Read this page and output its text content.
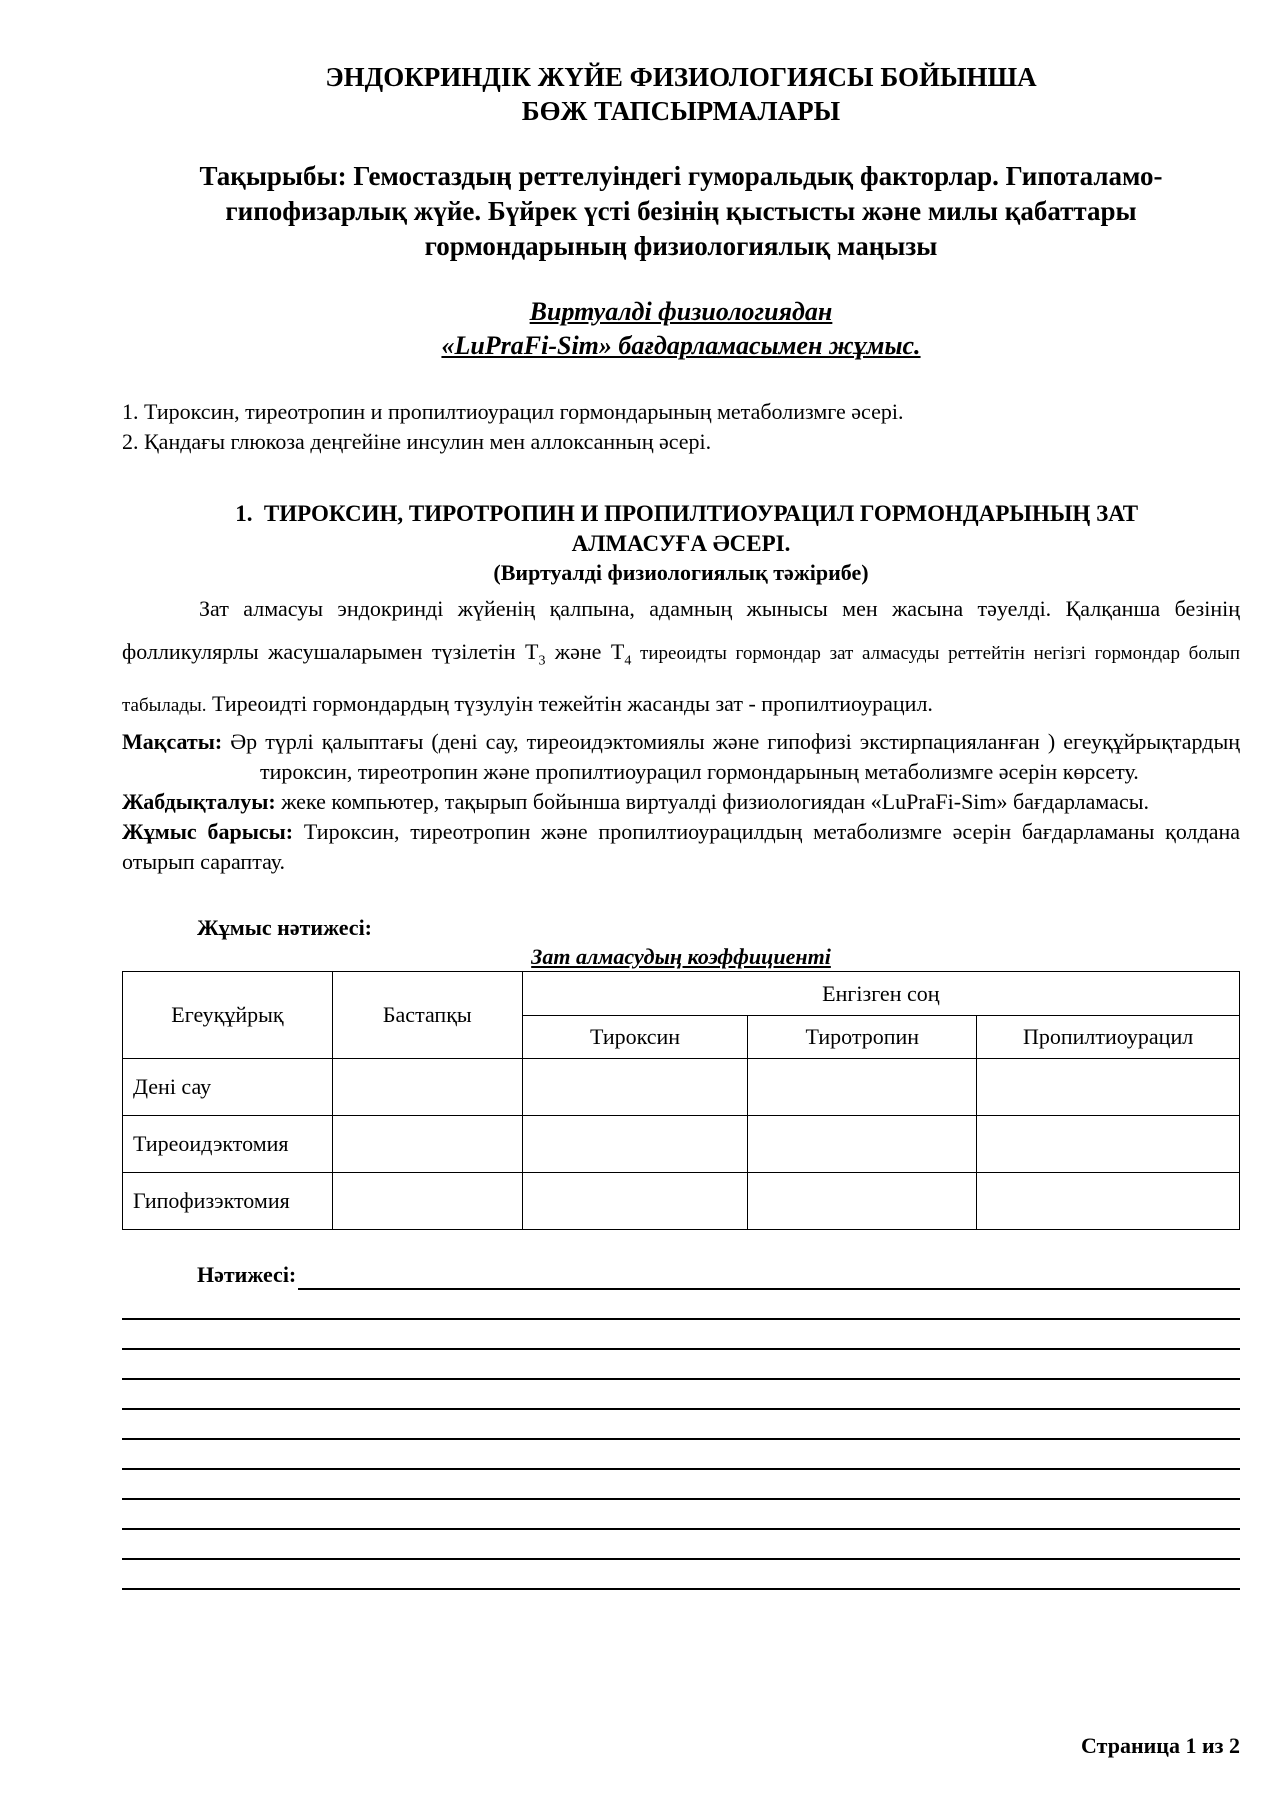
ЭНДОКРИНДІК ЖҮЙЕ ФИЗИОЛОГИЯСЫ БОЙЫНША
БӨЖ ТАПСЫРМАЛАРЫ
Тақырыбы: Гемостаздың реттелуіндегі гуморальдық факторлар. Гипоталамо-
гипофизарлық жүйе. Бүйрек үсті безінің қыстысты және милы қабаттары
гормондарының физиологиялық маңызы
Виртуалді физиологиядан
«LuPraFi-Sim» бағдарламасымен жұмыс.
1. Тироксин, тиреотропин и пропилтиоурацил гормондарының метаболизмге әсері.
2. Қандағы глюкоза деңгейіне инсулин мен аллоксанның әсері.
1. ТИРОКСИН, ТИРОТРОПИН И ПРОПИЛТИОУРАЦИЛ ГОРМОНДАРЫНЫҢ ЗАТ
АЛМАСУҒА ӘСЕРІ.
(Виртуалді физиологиялық тәжірибе)
Зат алмасуы эндокринді жүйенің қалпына, адамның жынысы мен жасына тәуелді. Қалқанша безінің фолликулярлы жасушаларымен түзілетін $Т_3$ және $Т_4$ тиреоидты гормондар зат алмасуды реттейтін негізгі гормондар болып табылады. Тиреоидті гормондардың түзулуін тежейтін жасанды зат - пропилтиоурацил.
Мақсаты: Әр түрлі қалыптағы (дені сау, тиреоидэктомиялы және гипофизі экстирпацияланған ) егеуқұйрықтардың тироксин, тиреотропин және пропилтиоурацил гормондарының метаболизмге әсерін көрсету.
Жабдықталуы: жеке компьютер, тақырып бойынша виртуалді физиологиядан «LuPraFi-Sim» бағдарламасы.
Жұмыс барысы: Тироксин, тиреотропин және пропилтиоурацилдың метаболизмге әсерін бағдарламаны қолдана отырып сараптау.
Жұмыс нәтижесі:
Зат алмасудың коэффициенті
Егеуқұйрық	Бастапқы	Енгізген соң		
		Тироксин	Тиротропин	Пропилтиоурацил
Дені сау				
Тиреоидэктомия				
Гипофизэктомия				
Нәтижесі:
Страница 1 из 2
